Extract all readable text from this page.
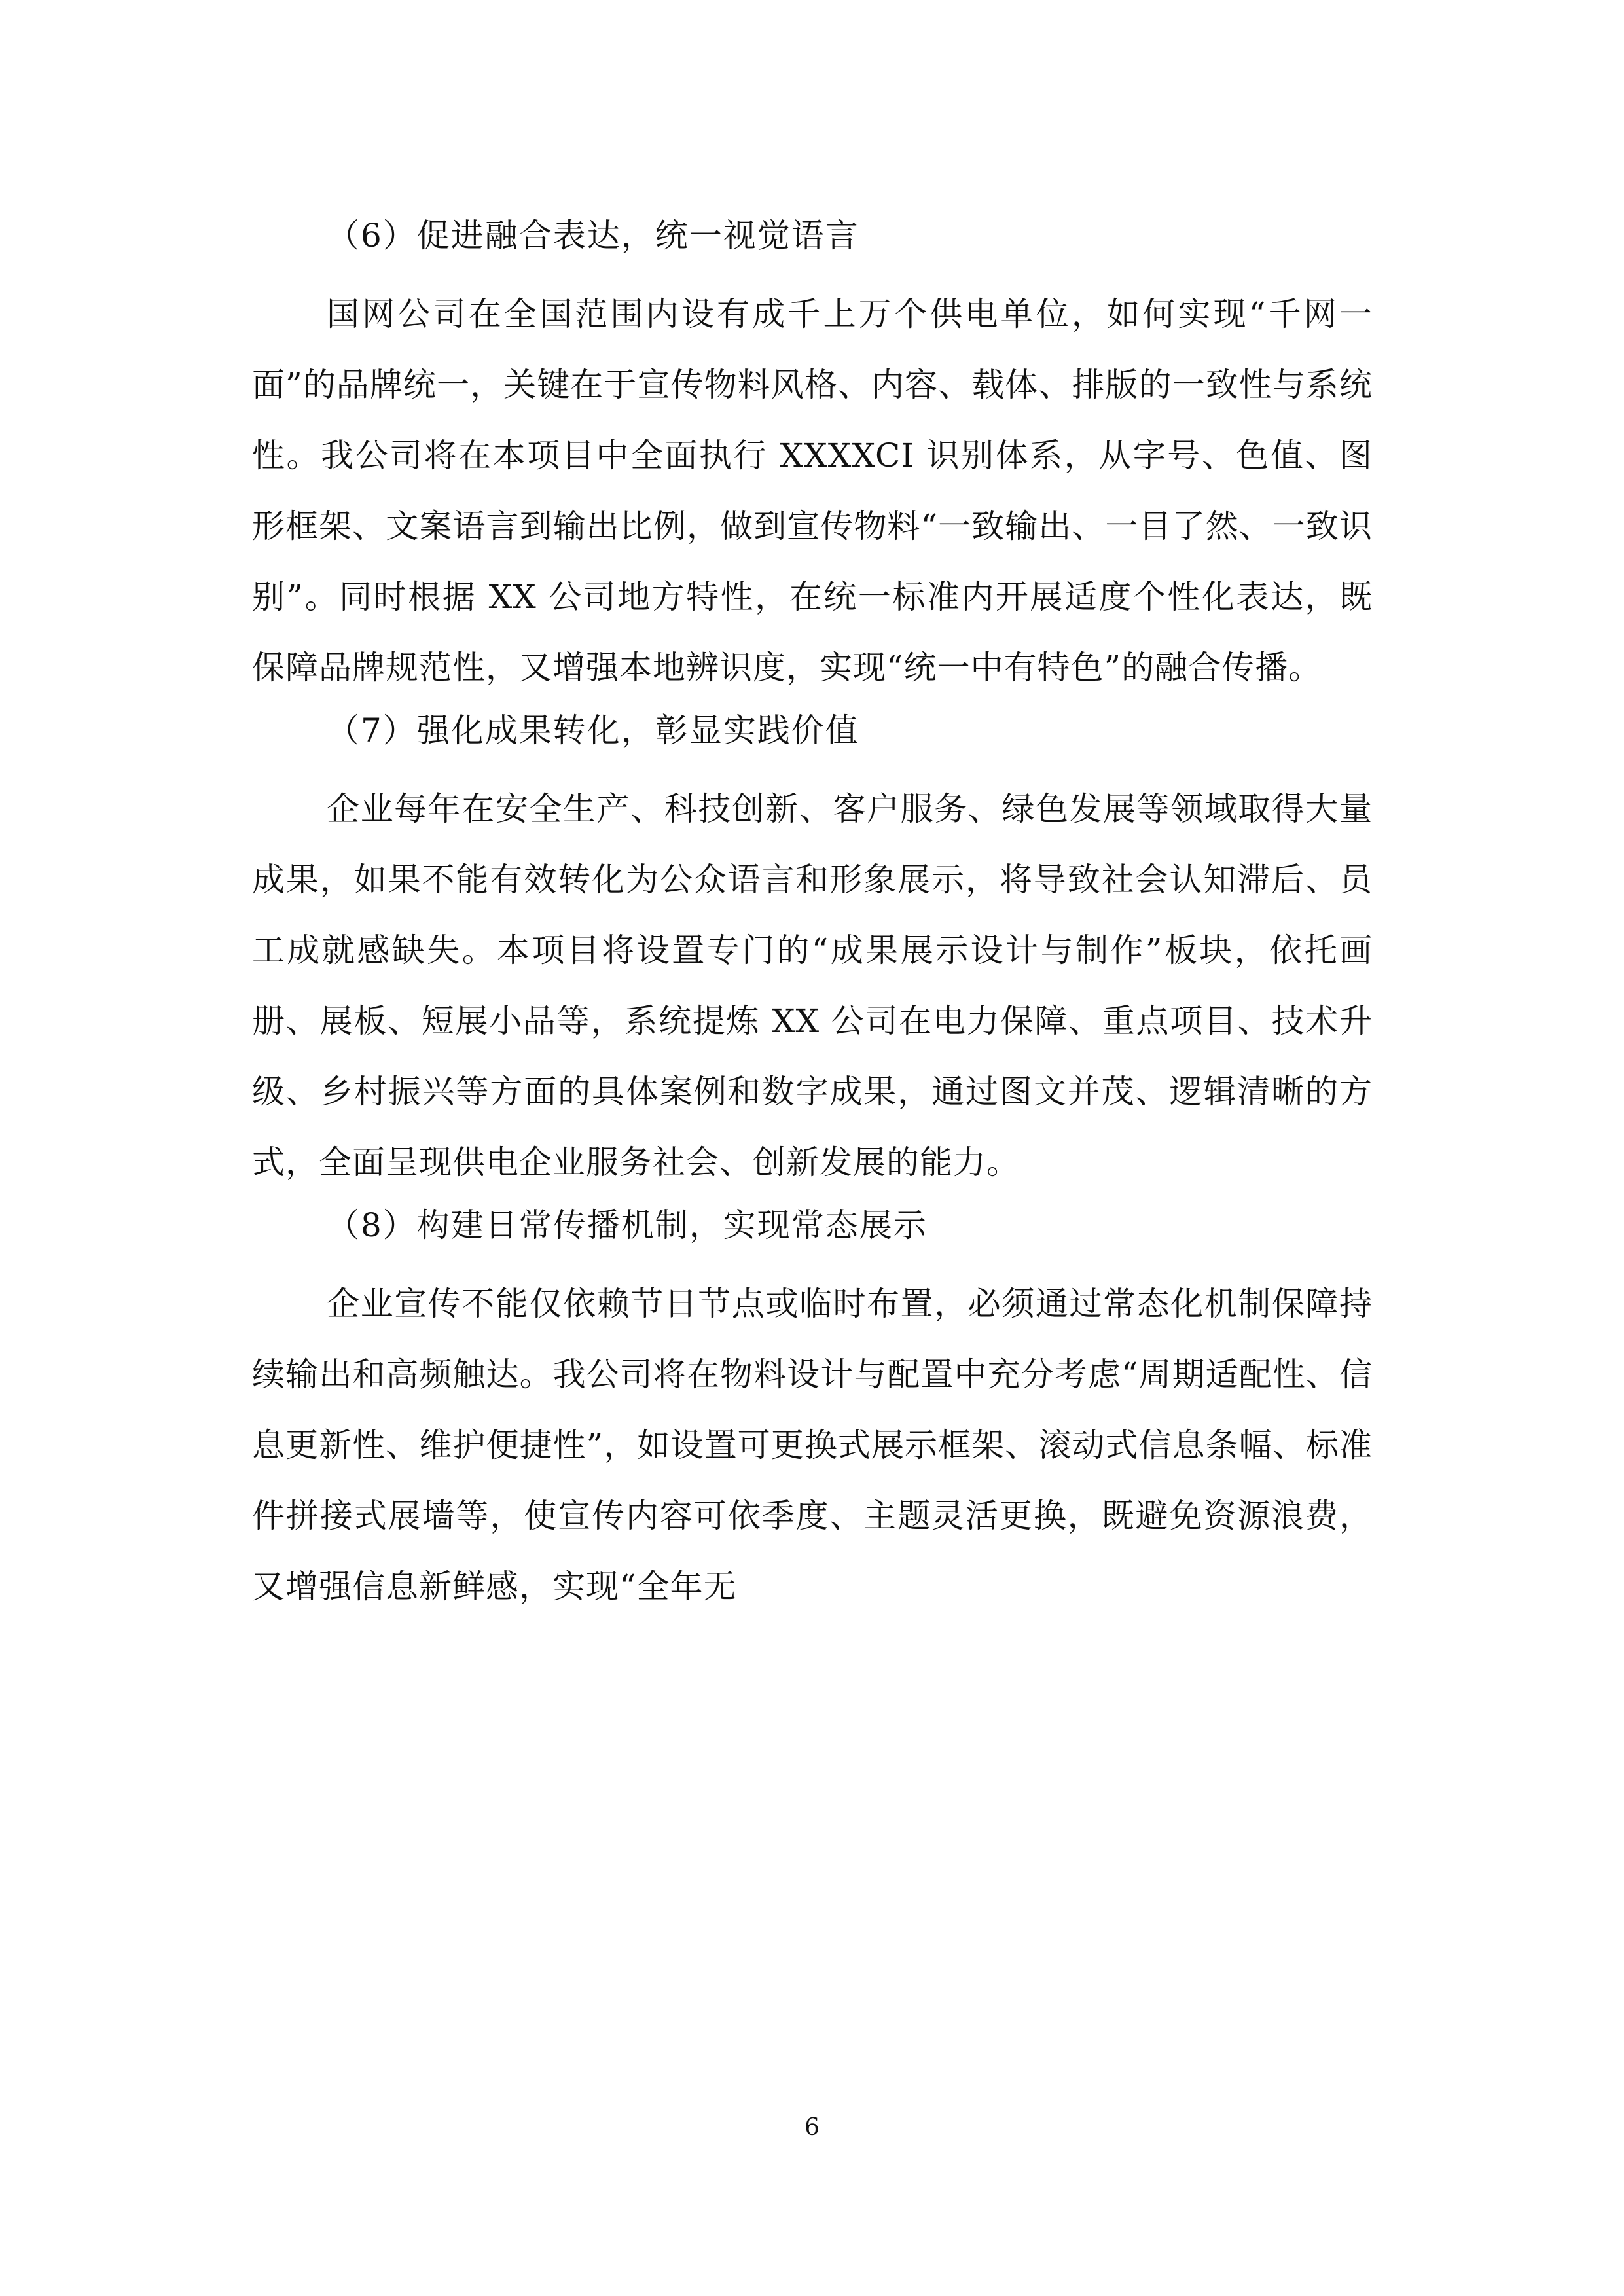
（6）促进融合表达，统一视觉语言

国网公司在全国范围内设有成千上万个供电单位，如何实现“千网一面”的品牌统一，关键在于宣传物料风格、内容、载体、排版的一致性与系统性。我公司将在本项目中全面执行 XXXXCI 识别体系，从字号、色值、图形框架、文案语言到输出比例，做到宣传物料“一致输出、一目了然、一致识别”。同时根据 XX 公司地方特性，在统一标准内开展适度个性化表达，既保障品牌规范性，又增强本地辨识度，实现“统一中有特色”的融合传播。

（7）强化成果转化，彰显实践价值

企业每年在安全生产、科技创新、客户服务、绿色发展等领域取得大量成果，如果不能有效转化为公众语言和形象展示，将导致社会认知滞后、员工成就感缺失。本项目将设置专门的“成果展示设计与制作”板块，依托画册、展板、短展小品等，系统提炼 XX 公司在电力保障、重点项目、技术升级、乡村振兴等方面的具体案例和数字成果，通过图文并茂、逻辑清晰的方式，全面呈现供电企业服务社会、创新发展的能力。

（8）构建日常传播机制，实现常态展示

企业宣传不能仅依赖节日节点或临时布置，必须通过常态化机制保障持续输出和高频触达。我公司将在物料设计与配置中充分考虑“周期适配性、信息更新性、维护便捷性”，如设置可更换式展示框架、滚动式信息条幅、标准件拼接式展墙等，使宣传内容可依季度、主题灵活更换，既避免资源浪费，又增强信息新鲜感，实现“全年无

6
